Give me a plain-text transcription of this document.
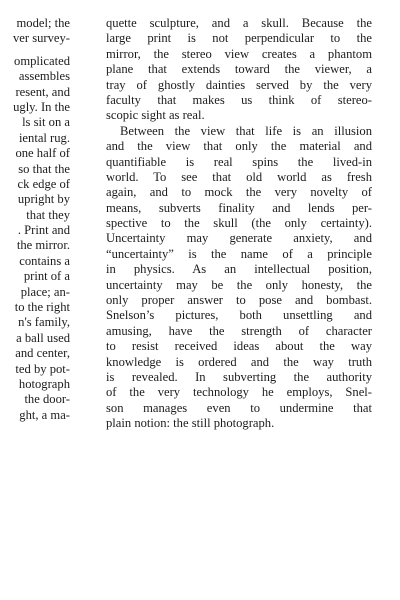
model; the
ver survey-
omplicated
assembles
resent, and
ugly. In the
ls sit on a
iental rug.
one half of
so that the
ck edge of
upright by
that they
. Print and
the mirror.
contains a
print of a
place; an-
to the right
n's family,
a ball used
and center,
ted by pot-
hotograph
the door-
ght, a ma-
quette sculpture, and a skull. Because the
large print is not perpendicular to the
mirror, the stereo view creates a phantom
plane that extends toward the viewer, a
tray of ghostly dainties served by the very
faculty that makes us think of stereo-
scopic sight as real.
Between the view that life is an illusion
and the view that only the material and
quantifiable is real spins the lived-in
world. To see that old world as fresh
again, and to mock the very novelty of
means, subverts finality and lends per-
spective to the skull (the only certainty).
Uncertainty may generate anxiety, and
“uncertainty” is the name of a principle
in physics. As an intellectual position,
uncertainty may be the only honesty, the
only proper answer to pose and bombast.
Snelson’s pictures, both unsettling and
amusing, have the strength of character
to resist received ideas about the way
knowledge is ordered and the way truth
is revealed. In subverting the authority
of the very technology he employs, Snel-
son manages even to undermine that
plain notion: the still photograph.
